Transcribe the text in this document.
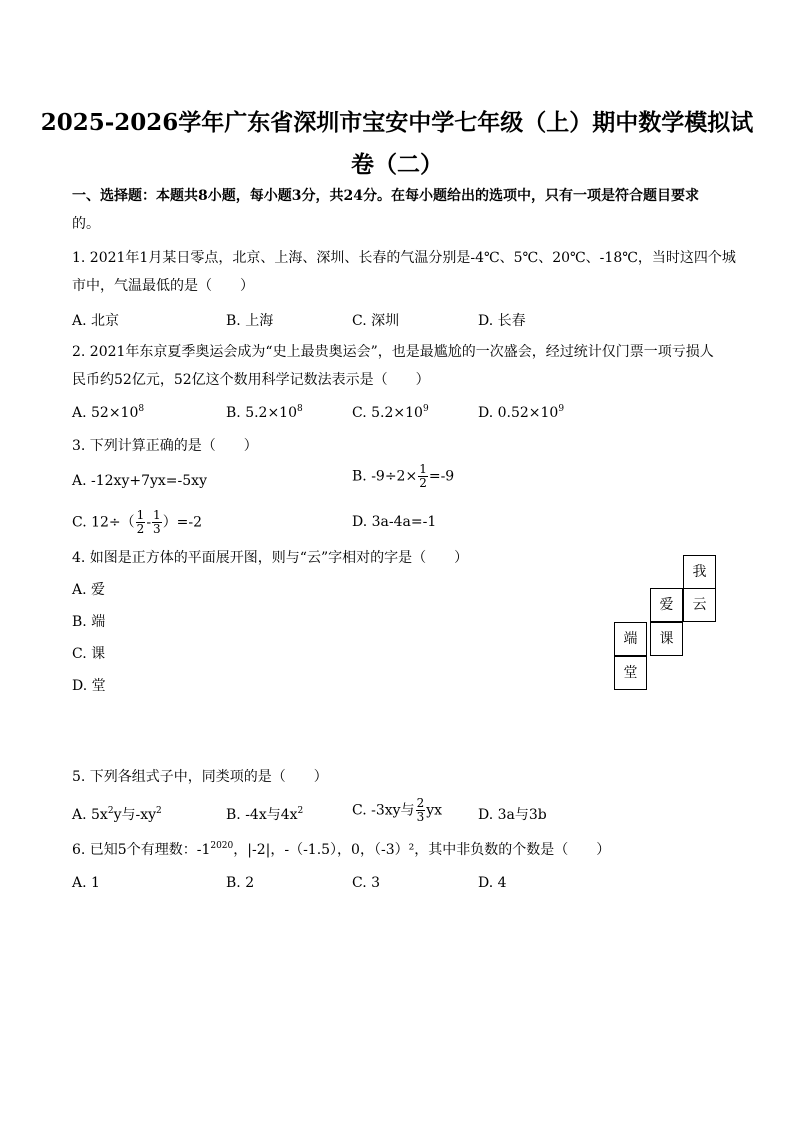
2025-2026学年广东省深圳市宝安中学七年级（上）期中数学模拟试
卷（二）
一、选择题：本题共8小题，每小题3分，共24分。在每小题给出的选项中，只有一项是符合题目要求
的。
1. 2021年1月某日零点，北京、上海、深圳、长春的气温分别是-4℃、5℃、20℃、-18℃，当时这四个城
市中，气温最低的是（　　）
A. 北京	B. 上海	C. 深圳	D. 长春
2. 2021年东京夏季奥运会成为“史上最贵奥运会”，也是最尴尬的一次盛会，经过统计仅门票一项亏损人
民币约52亿元，52亿这个数用科学记数法表示是（　　）
A. $52\times 10^8$	B. $5.2\times 10^8$	C. $5.2\times 10^9$	D. $0.52\times 10^9$
3. 下列计算正确的是（　　）
A. -12xy+7yx=-5xy	B. $-9\div 2\times \frac{1}{2} =-9$
C. $12\div( \frac{1}{2} - \frac{1}{3} )=-2$	D. 3a-4a=-1
4. 如图是正方体的平面展开图，则与“云”字相对的字是（　　）
A. 爱
B. 端
C. 课
D. 堂
我
爱	云
端	课
堂
5. 下列各组式子中，同类项的是（　　）
A. $5x^2y$与$-xy^2$	B. -4x与$4x^2$	C. -3xy与 $\frac{2}{3}$ yx	D. 3a与3b
6. 已知5个有理数：$-1^{2020}$，|-2|，-（-1.5），0，（-3）²，其中非负数的个数是（　　）
A. 1	B. 2	C. 3	D. 4
